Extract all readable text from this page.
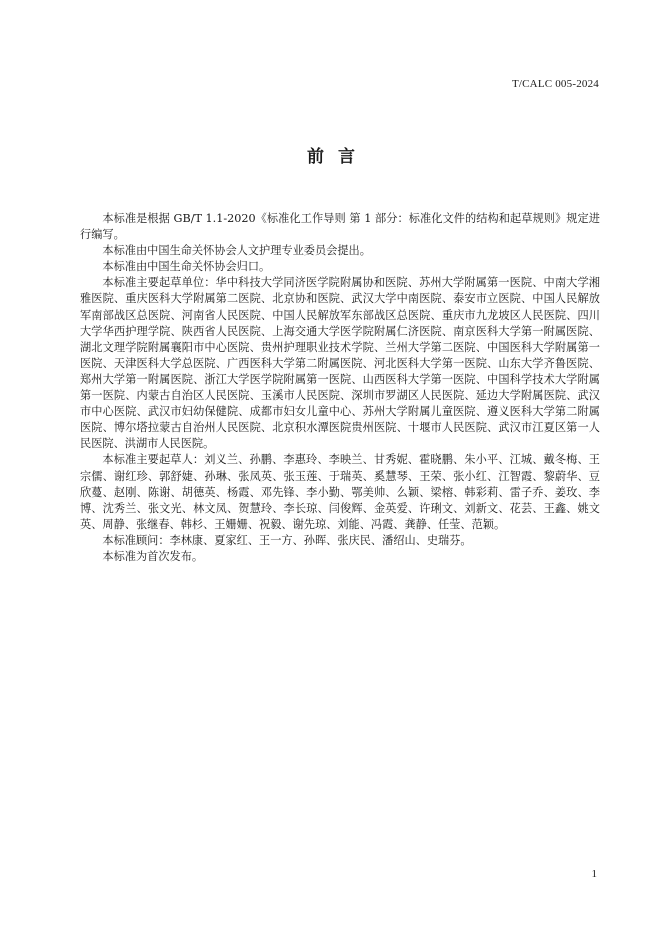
T/CALC 005-2024
前言

本标准是根据 GB/T 1.1-2020《标准化工作导则 第 1 部分：标准化文件的结构和起草规则》规定进行编写。

本标准由中国生命关怀协会人文护理专业委员会提出。

本标准由中国生命关怀协会归口。

本标准主要起草单位：华中科技大学同济医学院附属协和医院、苏州大学附属第一医院、中南大学湘雅医院、重庆医科大学附属第二医院、北京协和医院、武汉大学中南医院、泰安市立医院、中国人民解放军南部战区总医院、河南省人民医院、中国人民解放军东部战区总医院、重庆市九龙坡区人民医院、四川大学华西护理学院、陕西省人民医院、上海交通大学医学院附属仁济医院、南京医科大学第一附属医院、湖北文理学院附属襄阳市中心医院、贵州护理职业技术学院、兰州大学第二医院、中国医科大学附属第一医院、天津医科大学总医院、广西医科大学第二附属医院、河北医科大学第一医院、山东大学齐鲁医院、郑州大学第一附属医院、浙江大学医学院附属第一医院、山西医科大学第一医院、中国科学技术大学附属第一医院、内蒙古自治区人民医院、玉溪市人民医院、深圳市罗湖区人民医院、延边大学附属医院、武汉市中心医院、武汉市妇幼保健院、成都市妇女儿童中心、苏州大学附属儿童医院、遵义医科大学第二附属医院、博尔塔拉蒙古自治州人民医院、北京积水潭医院贵州医院、十堰市人民医院、武汉市江夏区第一人民医院、洪湖市人民医院。

本标准主要起草人：刘义兰、孙鹏、李惠玲、李映兰、甘秀妮、霍晓鹏、朱小平、江城、戴冬梅、王宗儒、谢红珍、郭舒婕、孙琳、张凤英、张玉莲、于瑞英、奚慧琴、王荣、张小红、江智霞、黎蔚华、豆欣蔓、赵刚、陈谢、胡德英、杨霞、邓先锋、李小勤、鄂美帅、么颖、梁榕、韩彩莉、雷子乔、姜玫、李博、沈秀兰、张文光、林文凤、贺慧玲、李长琼、闫俊辉、金英爱、许琍文、刘新文、花芸、王鑫、姚文英、周静、张继春、韩杉、王姗姗、祝毅、谢先琼、刘能、冯霞、龚静、任莹、范颖。

本标准顾问：李林康、夏家红、王一方、孙晖、张庆民、潘绍山、史瑞芬。

本标准为首次发布。

1
